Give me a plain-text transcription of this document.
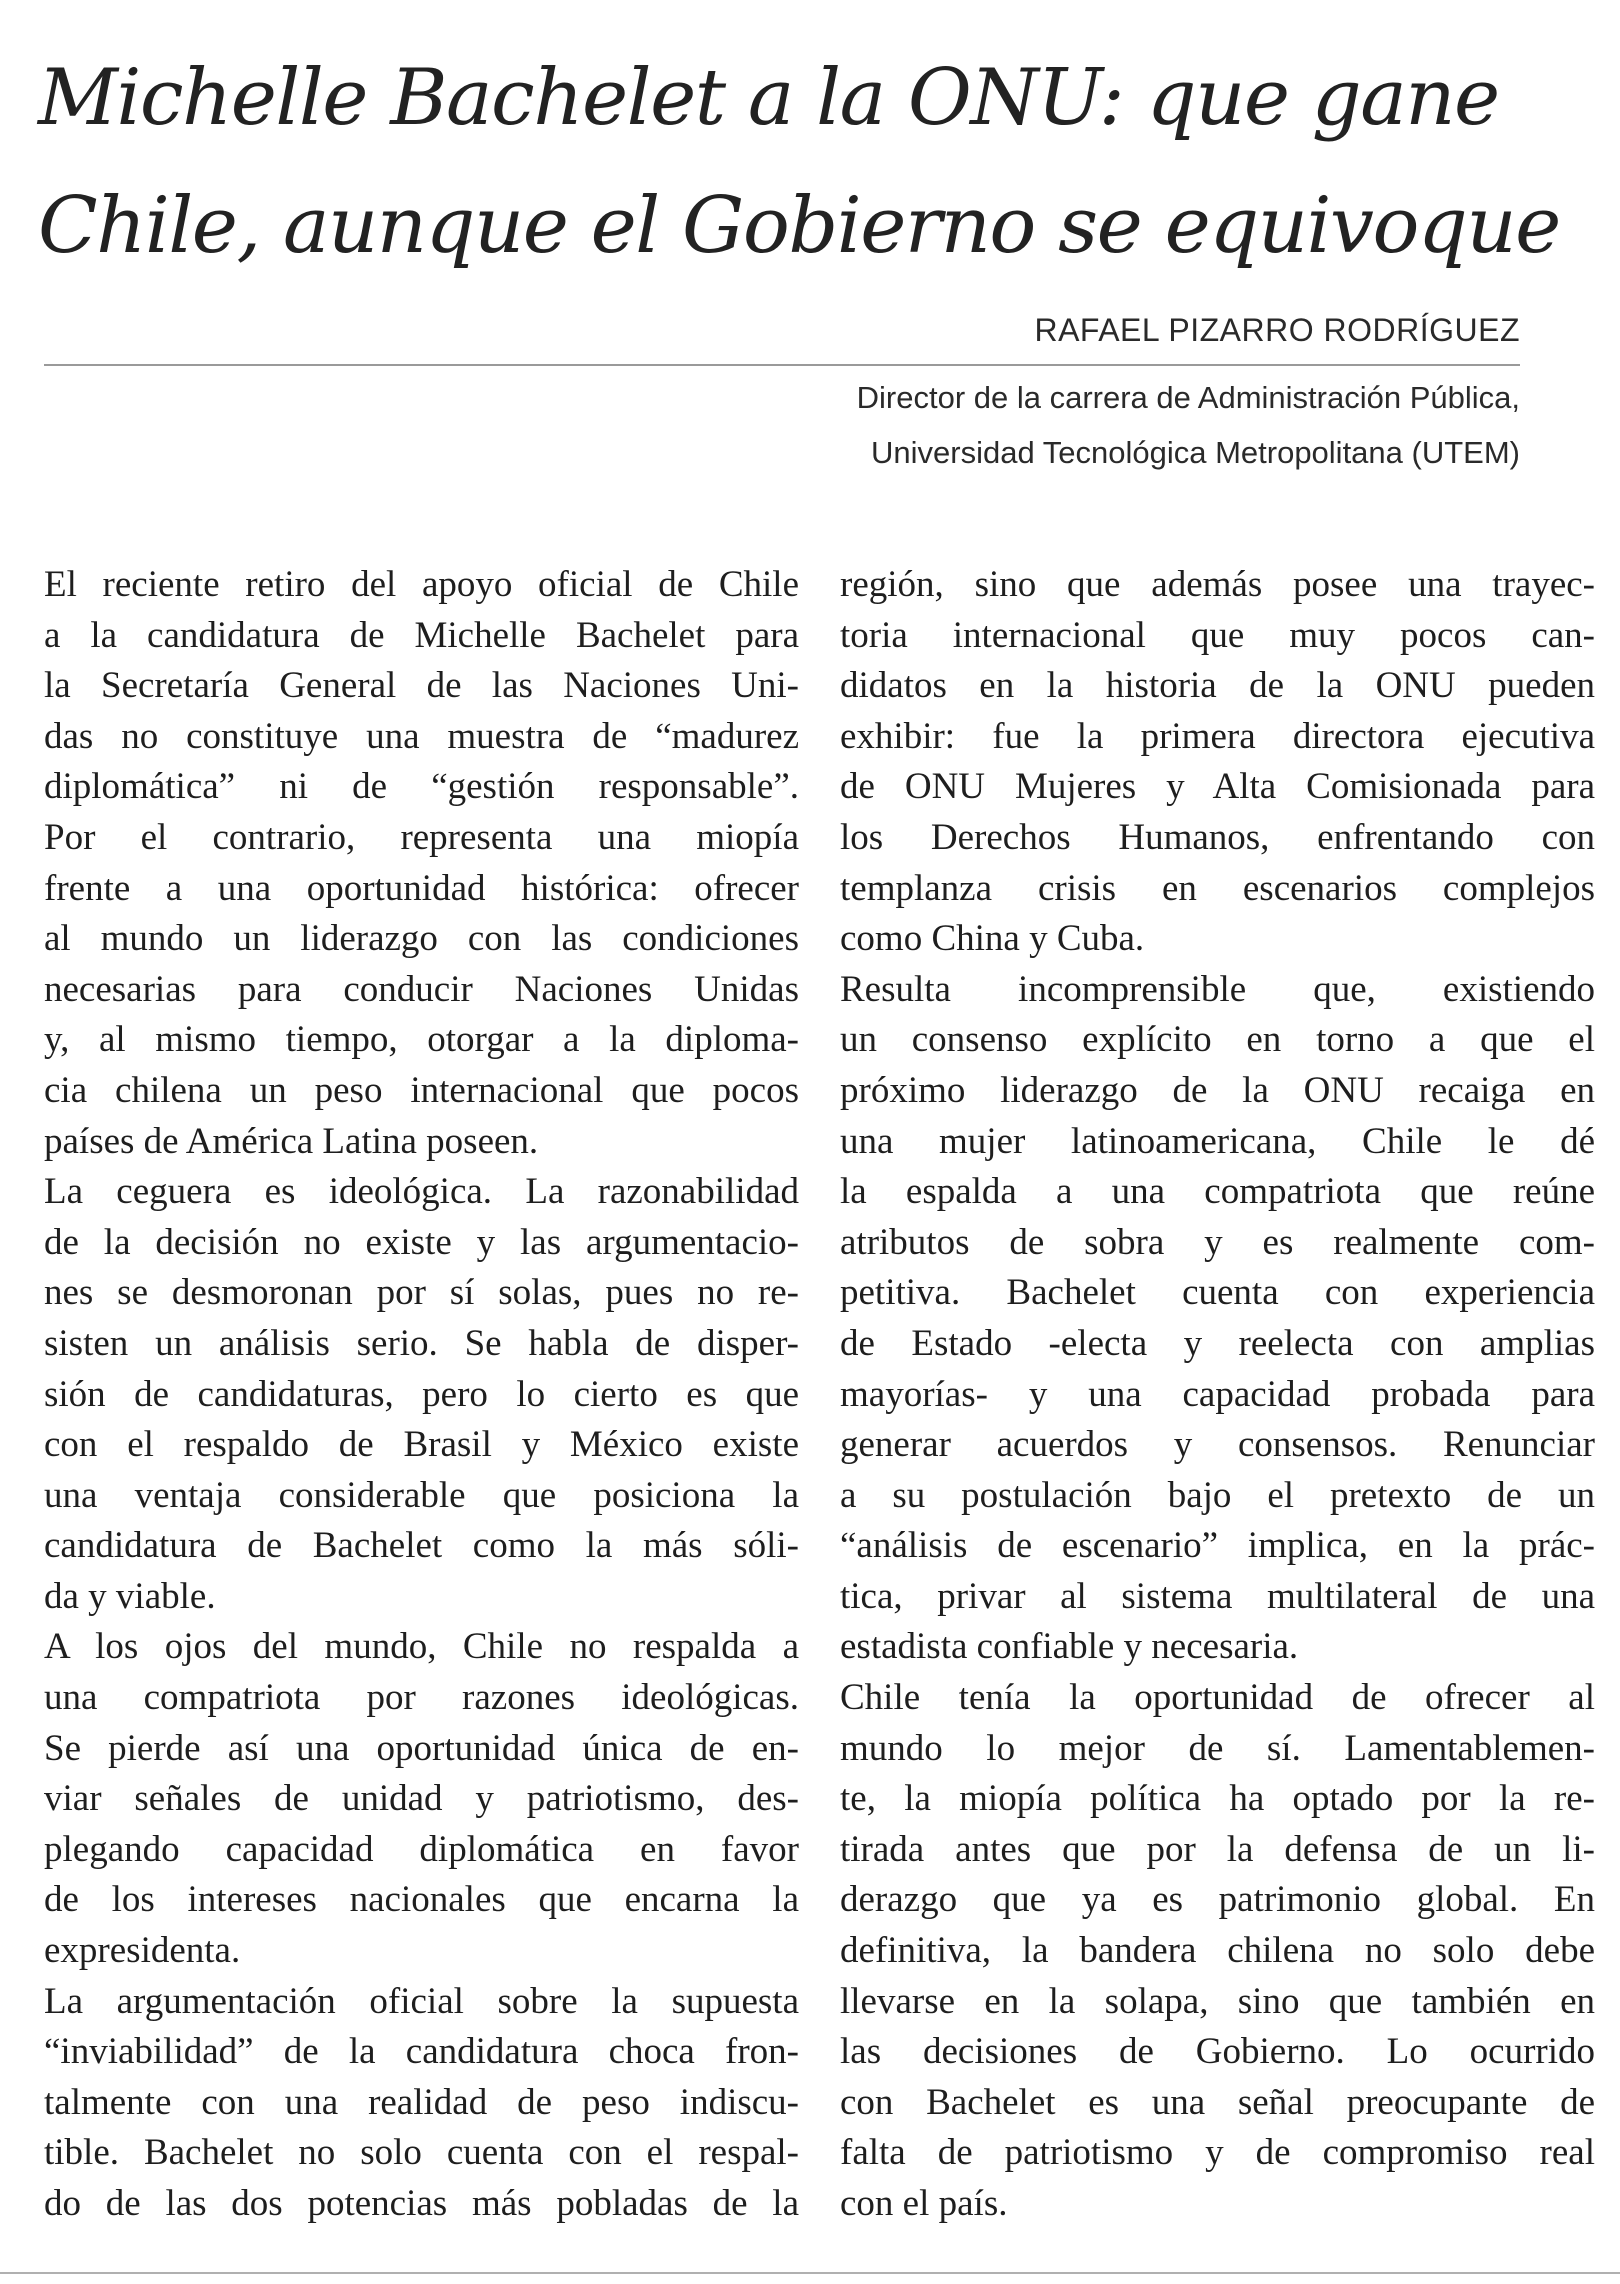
Michelle Bachelet a la ONU: que gane
Chile, aunque el Gobierno se equivoque
RAFAEL PIZARRO RODRÍGUEZ
Director de la carrera de Administración Pública,
Universidad Tecnológica Metropolitana (UTEM)

El reciente retiro del apoyo oficial de Chile
a la candidatura de Michelle Bachelet para
la Secretaría General de las Naciones Uni-
das no constituye una muestra de “madurez
diplomática” ni de “gestión responsable”.
Por el contrario, representa una miopía
frente a una oportunidad histórica: ofrecer
al mundo un liderazgo con las condiciones
necesarias para conducir Naciones Unidas
y, al mismo tiempo, otorgar a la diploma-
cia chilena un peso internacional que pocos
países de América Latina poseen.

La ceguera es ideológica. La razonabilidad
de la decisión no existe y las argumentacio-
nes se desmoronan por sí solas, pues no re-
sisten un análisis serio. Se habla de disper-
sión de candidaturas, pero lo cierto es que
con el respaldo de Brasil y México existe
una ventaja considerable que posiciona la
candidatura de Bachelet como la más sóli-
da y viable.

A los ojos del mundo, Chile no respalda a
una compatriota por razones ideológicas.
Se pierde así una oportunidad única de en-
viar señales de unidad y patriotismo, des-
plegando capacidad diplomática en favor
de los intereses nacionales que encarna la
expresidenta.

La argumentación oficial sobre la supuesta
“inviabilidad” de la candidatura choca fron-
talmente con una realidad de peso indiscu-
tible. Bachelet no solo cuenta con el respal-
do de las dos potencias más pobladas de la

región, sino que además posee una trayec-
toria internacional que muy pocos can-
didatos en la historia de la ONU pueden
exhibir: fue la primera directora ejecutiva
de ONU Mujeres y Alta Comisionada para
los Derechos Humanos, enfrentando con
templanza crisis en escenarios complejos
como China y Cuba.

Resulta incomprensible que, existiendo
un consenso explícito en torno a que el
próximo liderazgo de la ONU recaiga en
una mujer latinoamericana, Chile le dé
la espalda a una compatriota que reúne
atributos de sobra y es realmente com-
petitiva. Bachelet cuenta con experiencia
de Estado -electa y reelecta con amplias
mayorías- y una capacidad probada para
generar acuerdos y consensos. Renunciar
a su postulación bajo el pretexto de un
“análisis de escenario” implica, en la prác-
tica, privar al sistema multilateral de una
estadista confiable y necesaria.

Chile tenía la oportunidad de ofrecer al
mundo lo mejor de sí. Lamentablemen-
te, la miopía política ha optado por la re-
tirada antes que por la defensa de un li-
derazgo que ya es patrimonio global. En
definitiva, la bandera chilena no solo debe
llevarse en la solapa, sino que también en
las decisiones de Gobierno. Lo ocurrido
con Bachelet es una señal preocupante de
falta de patriotismo y de compromiso real
con el país.
